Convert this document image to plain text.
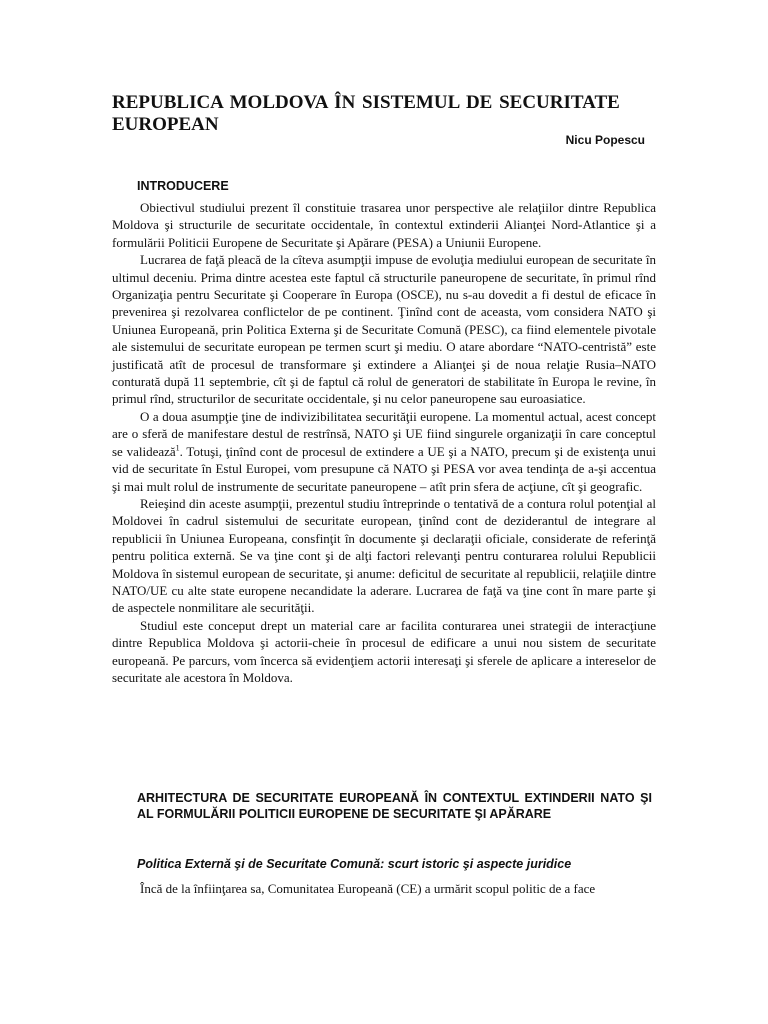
REPUBLICA MOLDOVA ÎN SISTEMUL DE SECURITATE EUROPEAN
Nicu Popescu
INTRODUCERE

Obiectivul studiului prezent îl constituie trasarea unor perspective ale relaţiilor dintre Republica Moldova şi structurile de securitate occidentale, în contextul extinderii Alianţei Nord-Atlantice şi a formulării Politicii Europene de Securitate şi Apărare (PESA) a Uniunii Europene.

Lucrarea de faţă pleacă de la cîteva asumpţii impuse de evoluţia mediului european de securitate în ultimul deceniu. Prima dintre acestea este faptul că structurile paneuropene de securitate, în primul rînd Organizaţia pentru Securitate şi Cooperare în Europa (OSCE), nu s-au dovedit a fi destul de eficace în prevenirea şi rezolvarea conflictelor de pe continent. Ţinînd cont de aceasta, vom considera NATO şi Uniunea Europeană, prin Politica Externa şi de Securitate Comună (PESC), ca fiind elementele pivotale ale sistemului de securitate european pe termen scurt şi mediu. O atare abordare “NATO-centristă” este justificată atît de procesul de transformare şi extindere a Alianţei şi de noua relaţie Rusia–NATO conturată după 11 septembrie, cît şi de faptul că rolul de generatori de stabilitate în Europa le revine, în primul rînd, structurilor de securitate occidentale, şi nu celor paneuropene sau euroasiatice.

O a doua asumpţie ţine de indivizibilitatea securităţii europene. La momentul actual, acest concept are o sferă de manifestare destul de restrînsă, NATO şi UE fiind singurele organizaţii în care conceptul se validează$^1$. Totuşi, ţinînd cont de procesul de extindere a UE şi a NATO, precum şi de existenţa unui vid de securitate în Estul Europei, vom presupune că NATO şi PESA vor avea tendinţa de a-şi accentua şi mai mult rolul de instrumente de securitate paneuropene – atît prin sfera de acţiune, cît şi geografic.

Reieşind din aceste asumpţii, prezentul studiu întreprinde o tentativă de a contura rolul potenţial al Moldovei în cadrul sistemului de securitate european, ţinînd cont de deziderantul de integrare al republicii în Uniunea Europeana, consfinţit în documente şi declaraţii oficiale, considerate de referinţă pentru politica externă. Se va ţine cont şi de alţi factori relevanţi pentru conturarea rolului Republicii Moldova în sistemul european de securitate, şi anume: deficitul de securitate al republicii, relaţiile dintre NATO/UE cu alte state europene necandidate la aderare. Lucrarea de faţă va ţine cont în mare parte şi de aspectele nonmilitare ale securităţii.

Studiul este conceput drept un material care ar facilita conturarea unei strategii de interacţiune dintre Republica Moldova şi actorii-cheie în procesul de edificare a unui nou sistem de securitate europeană. Pe parcurs, vom încerca să evidenţiem actorii interesaţi şi sferele de aplicare a intereselor de securitate ale acestora în Moldova.

ARHITECTURA DE SECURITATE EUROPEANĂ ÎN CONTEXTUL EXTINDERII NATO ŞI AL FORMULĂRII POLITICII EUROPENE DE SECURITATE ŞI APĂRARE
Politica Externă şi de Securitate Comună: scurt istoric şi aspecte juridice

Încă de la înfiinţarea sa, Comunitatea Europeană (CE) a urmărit scopul politic de a face
